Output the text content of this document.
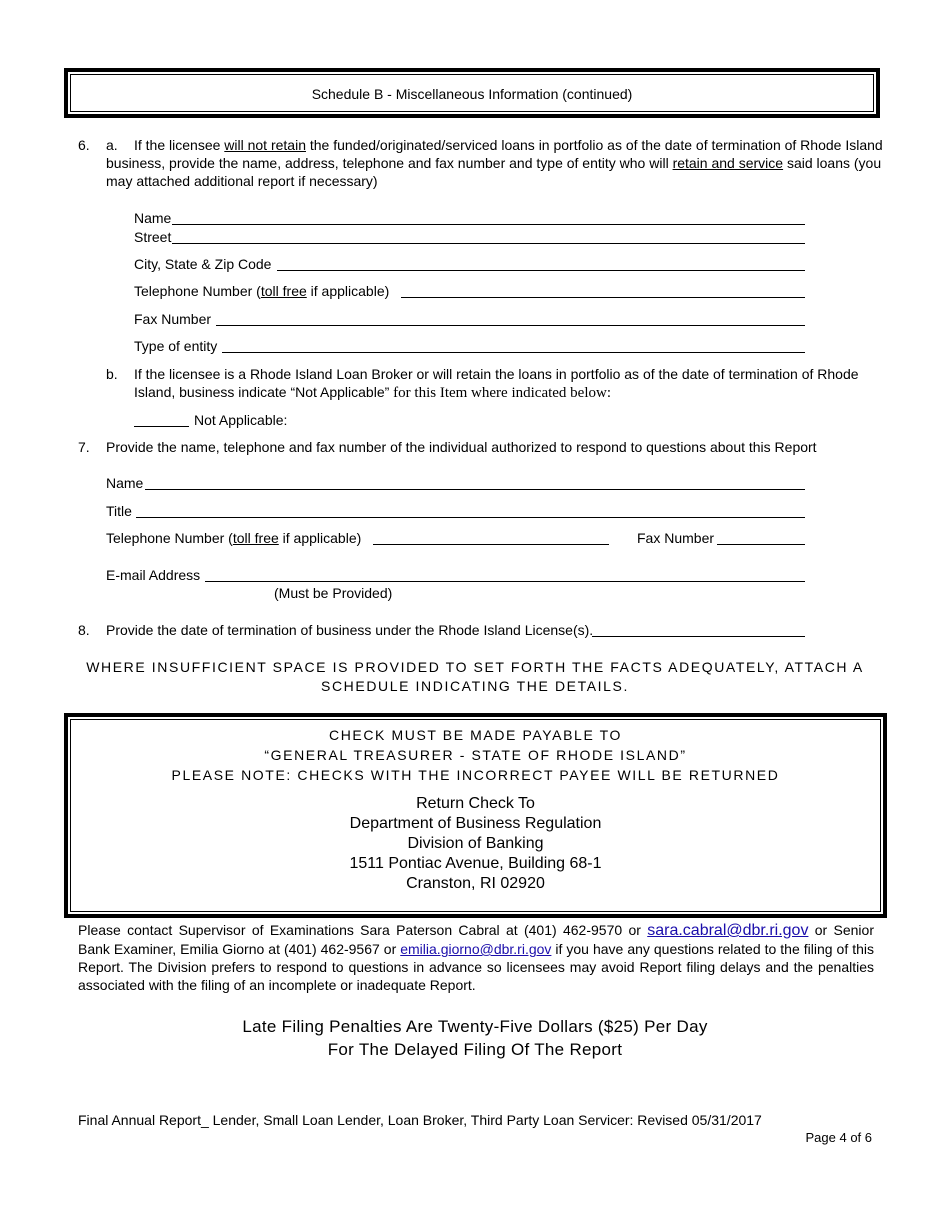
Schedule B - Miscellaneous Information (continued)
6. a. If the licensee will not retain the funded/originated/serviced loans in portfolio as of the date of termination of Rhode Island
business, provide the name, address, telephone and fax number and type of entity who will retain and service said loans (you
may attached additional report if necessary)
Name
Street
City, State & Zip Code
Telephone Number (toll free if applicable)
Fax Number
Type of entity
b. If the licensee is a Rhode Island Loan Broker or will retain the loans in portfolio as of the date of termination of Rhode
Island, business indicate “Not Applicable” for this Item where indicated below:
Not Applicable:
7. Provide the name, telephone and fax number of the individual authorized to respond to questions about this Report
Name
Title
Telephone Number (toll free if applicable)	Fax Number
E-mail Address
(Must be Provided)
8. Provide the date of termination of business under the Rhode Island License(s).
WHERE INSUFFICIENT SPACE IS PROVIDED TO SET FORTH THE FACTS ADEQUATELY, ATTACH A
SCHEDULE INDICATING THE DETAILS.
CHECK MUST BE MADE PAYABLE TO
“GENERAL TREASURER - STATE OF RHODE ISLAND”
PLEASE NOTE: CHECKS WITH THE INCORRECT PAYEE WILL BE RETURNED
Return Check To
Department of Business Regulation
Division of Banking
1511 Pontiac Avenue, Building 68-1
Cranston, RI 02920
Please contact Supervisor of Examinations Sara Paterson Cabral at (401) 462-9570 or sara.cabral@dbr.ri.gov or Senior Bank Examiner, Emilia Giorno at (401) 462-9567 or emilia.giorno@dbr.ri.gov if you have any questions related to the filing of this Report. The Division prefers to respond to questions in advance so licensees may avoid Report filing delays and the penalties associated with the filing of an incomplete or inadequate Report.
Late Filing Penalties Are Twenty-Five Dollars ($25) Per Day
For The Delayed Filing Of The Report
Final Annual Report_ Lender, Small Loan Lender, Loan Broker, Third Party Loan Servicer: Revised 05/31/2017
Page 4 of 6
